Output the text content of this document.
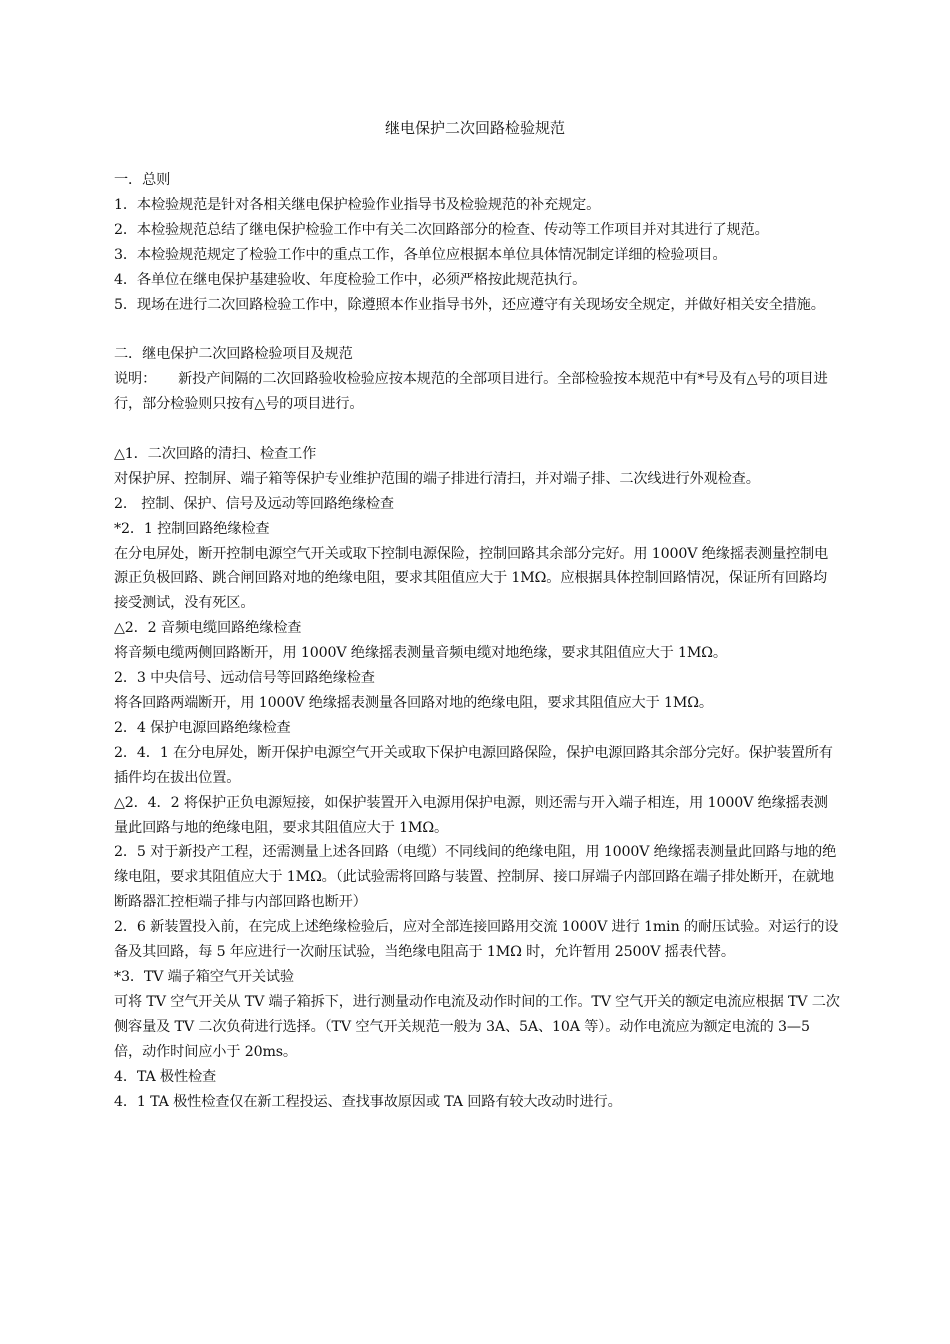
继电保护二次回路检验规范

一．总则

1．本检验规范是针对各相关继电保护检验作业指导书及检验规范的补充规定。

2．本检验规范总结了继电保护检验工作中有关二次回路部分的检查、传动等工作项目并对其进行了规范。

3．本检验规范规定了检验工作中的重点工作，各单位应根据本单位具体情况制定详细的检验项目。

4．各单位在继电保护基建验收、年度检验工作中，必须严格按此规范执行。

5．现场在进行二次回路检验工作中，除遵照本作业指导书外，还应遵守有关现场安全规定，并做好相关安全措施。

二．继电保护二次回路检验项目及规范

说明： 新投产间隔的二次回路验收检验应按本规范的全部项目进行。全部检验按本规范中有*号及有△号的项目进行，部分检验则只按有△号的项目进行。

△1．二次回路的清扫、检查工作

对保护屏、控制屏、端子箱等保护专业维护范围的端子排进行清扫，并对端子排、二次线进行外观检查。

2． 控制、保护、信号及远动等回路绝缘检查

*2．1 控制回路绝缘检查

在分电屏处，断开控制电源空气开关或取下控制电源保险，控制回路其余部分完好。用 1000V 绝缘摇表测量控制电源正负极回路、跳合闸回路对地的绝缘电阻，要求其阻值应大于 1MΩ。应根据具体控制回路情况，保证所有回路均接受测试，没有死区。

△2．2 音频电缆回路绝缘检查

将音频电缆两侧回路断开，用 1000V 绝缘摇表测量音频电缆对地绝缘，要求其阻值应大于 1MΩ。

2．3 中央信号、远动信号等回路绝缘检查

将各回路两端断开，用 1000V 绝缘摇表测量各回路对地的绝缘电阻，要求其阻值应大于 1MΩ。

2．4 保护电源回路绝缘检查

2．4．1 在分电屏处，断开保护电源空气开关或取下保护电源回路保险，保护电源回路其余部分完好。保护装置所有插件均在拔出位置。

△2．4．2 将保护正负电源短接，如保护装置开入电源用保护电源，则还需与开入端子相连，用 1000V 绝缘摇表测量此回路与地的绝缘电阻，要求其阻值应大于 1MΩ。

2．5 对于新投产工程，还需测量上述各回路（电缆）不同线间的绝缘电阻，用 1000V 绝缘摇表测量此回路与地的绝缘电阻，要求其阻值应大于 1MΩ。（此试验需将回路与装置、控制屏、接口屏端子内部回路在端子排处断开，在就地断路器汇控柜端子排与内部回路也断开）

2．6 新装置投入前，在完成上述绝缘检验后，应对全部连接回路用交流 1000V 进行 1min 的耐压试验。对运行的设备及其回路，每 5 年应进行一次耐压试验，当绝缘电阻高于 1MΩ 时，允许暂用 2500V 摇表代替。

*3．TV 端子箱空气开关试验

可将 TV 空气开关从 TV 端子箱拆下，进行测量动作电流及动作时间的工作。TV 空气开关的额定电流应根据 TV 二次侧容量及 TV 二次负荷进行选择。（TV 空气开关规范一般为 3A、5A、10A 等）。动作电流应为额定电流的 3—5 倍，动作时间应小于 20ms。

4．TA 极性检查

4．1 TA 极性检查仅在新工程投运、查找事故原因或 TA 回路有较大改动时进行。
